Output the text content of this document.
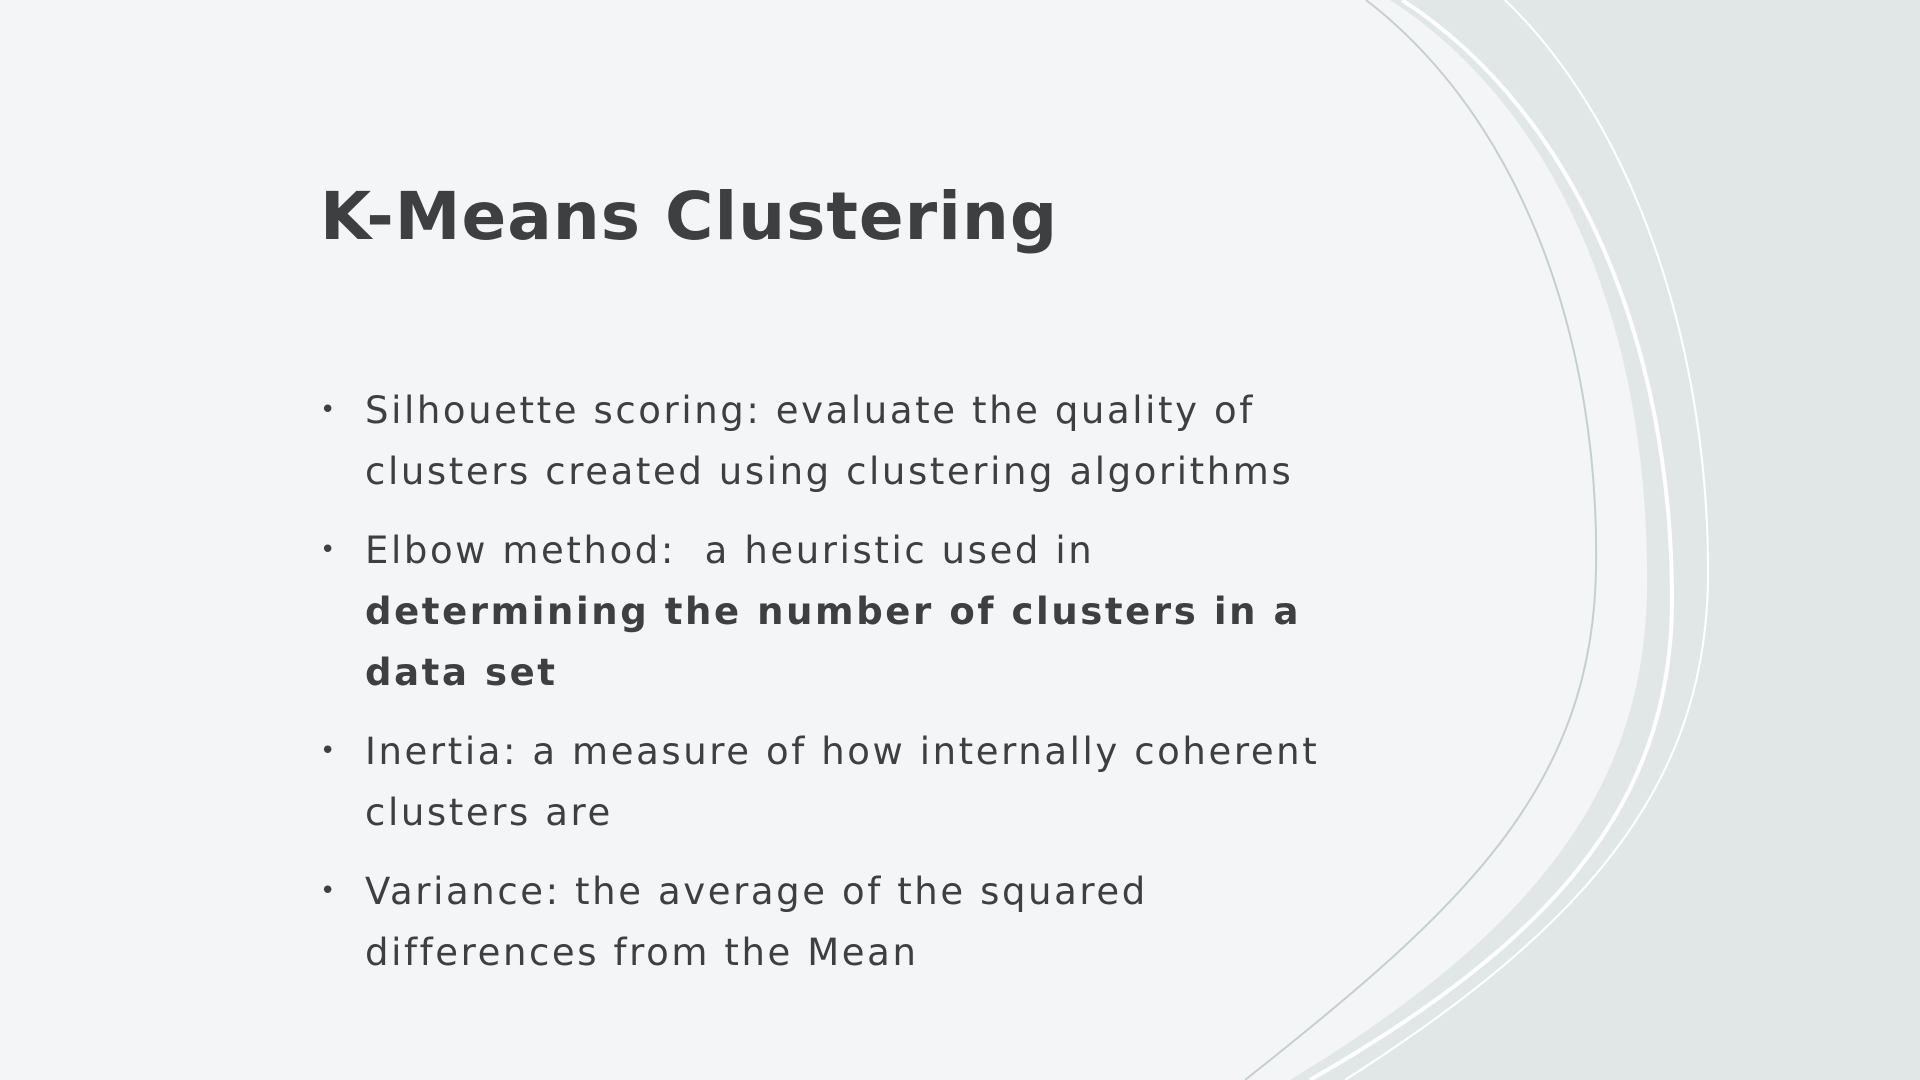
K-Means Clustering
• Silhouette scoring: evaluate the quality of clusters created using clustering algorithms
• Elbow method:  a heuristic used in determining the number of clusters in a data set
• Inertia: a measure of how internally coherent clusters are
• Variance: the average of the squared differences from the Mean
